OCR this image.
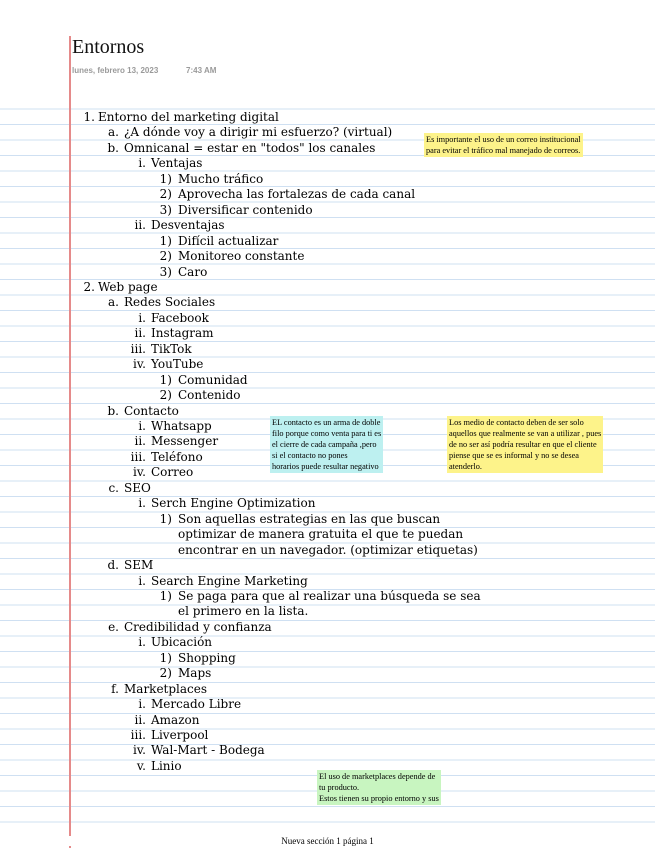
Entornos
lunes, febrero 13, 2023	7:43 AM
1. Entorno del marketing digital
a. ¿A dónde voy a dirigir mi esfuerzo? (virtual)
b. Omnicanal = estar en "todos" los canales
i. Ventajas
1) Mucho tráfico
2) Aprovecha las fortalezas de cada canal
3) Diversificar contenido
ii. Desventajas
1) Difícil actualizar
2) Monitoreo constante
3) Caro
2. Web page
a. Redes Sociales
i. Facebook
ii. Instagram
iii. TikTok
iv. YouTube
1) Comunidad
2) Contenido
b. Contacto
i. Whatsapp
ii. Messenger
iii. Teléfono
iv. Correo
c. SEO
i. Serch Engine Optimization
1) Son aquellas estrategias en las que buscan
optimizar de manera gratuita el que te puedan
encontrar en un navegador. (optimizar etiquetas)
d. SEM
i. Search Engine Marketing
1) Se paga para que al realizar una búsqueda se sea
el primero en la lista.
e. Credibilidad y confianza
i. Ubicación
1) Shopping
2) Maps
f. Marketplaces
i. Mercado Libre
ii. Amazon
iii. Liverpool
iv. Wal-Mart - Bodega
v. Linio
Es importante el uso de un correo institucional
para evitar el tráfico mal manejado de correos.
EL contacto es un arma de doble
filo porque como venta para ti es
el cierre de cada campaña ,pero
si el contacto no pones
horarios puede resultar negativo
Los medio de contacto deben de ser solo
aquellos que realmente se van a utilizar , pues
de no ser así podría resultar en que el cliente
piense que se es informal y no se desea
atenderlo.
El uso de marketplaces depende de
tu producto.
Estos tienen su propio entorno y sus
Nueva sección 1 página 1
